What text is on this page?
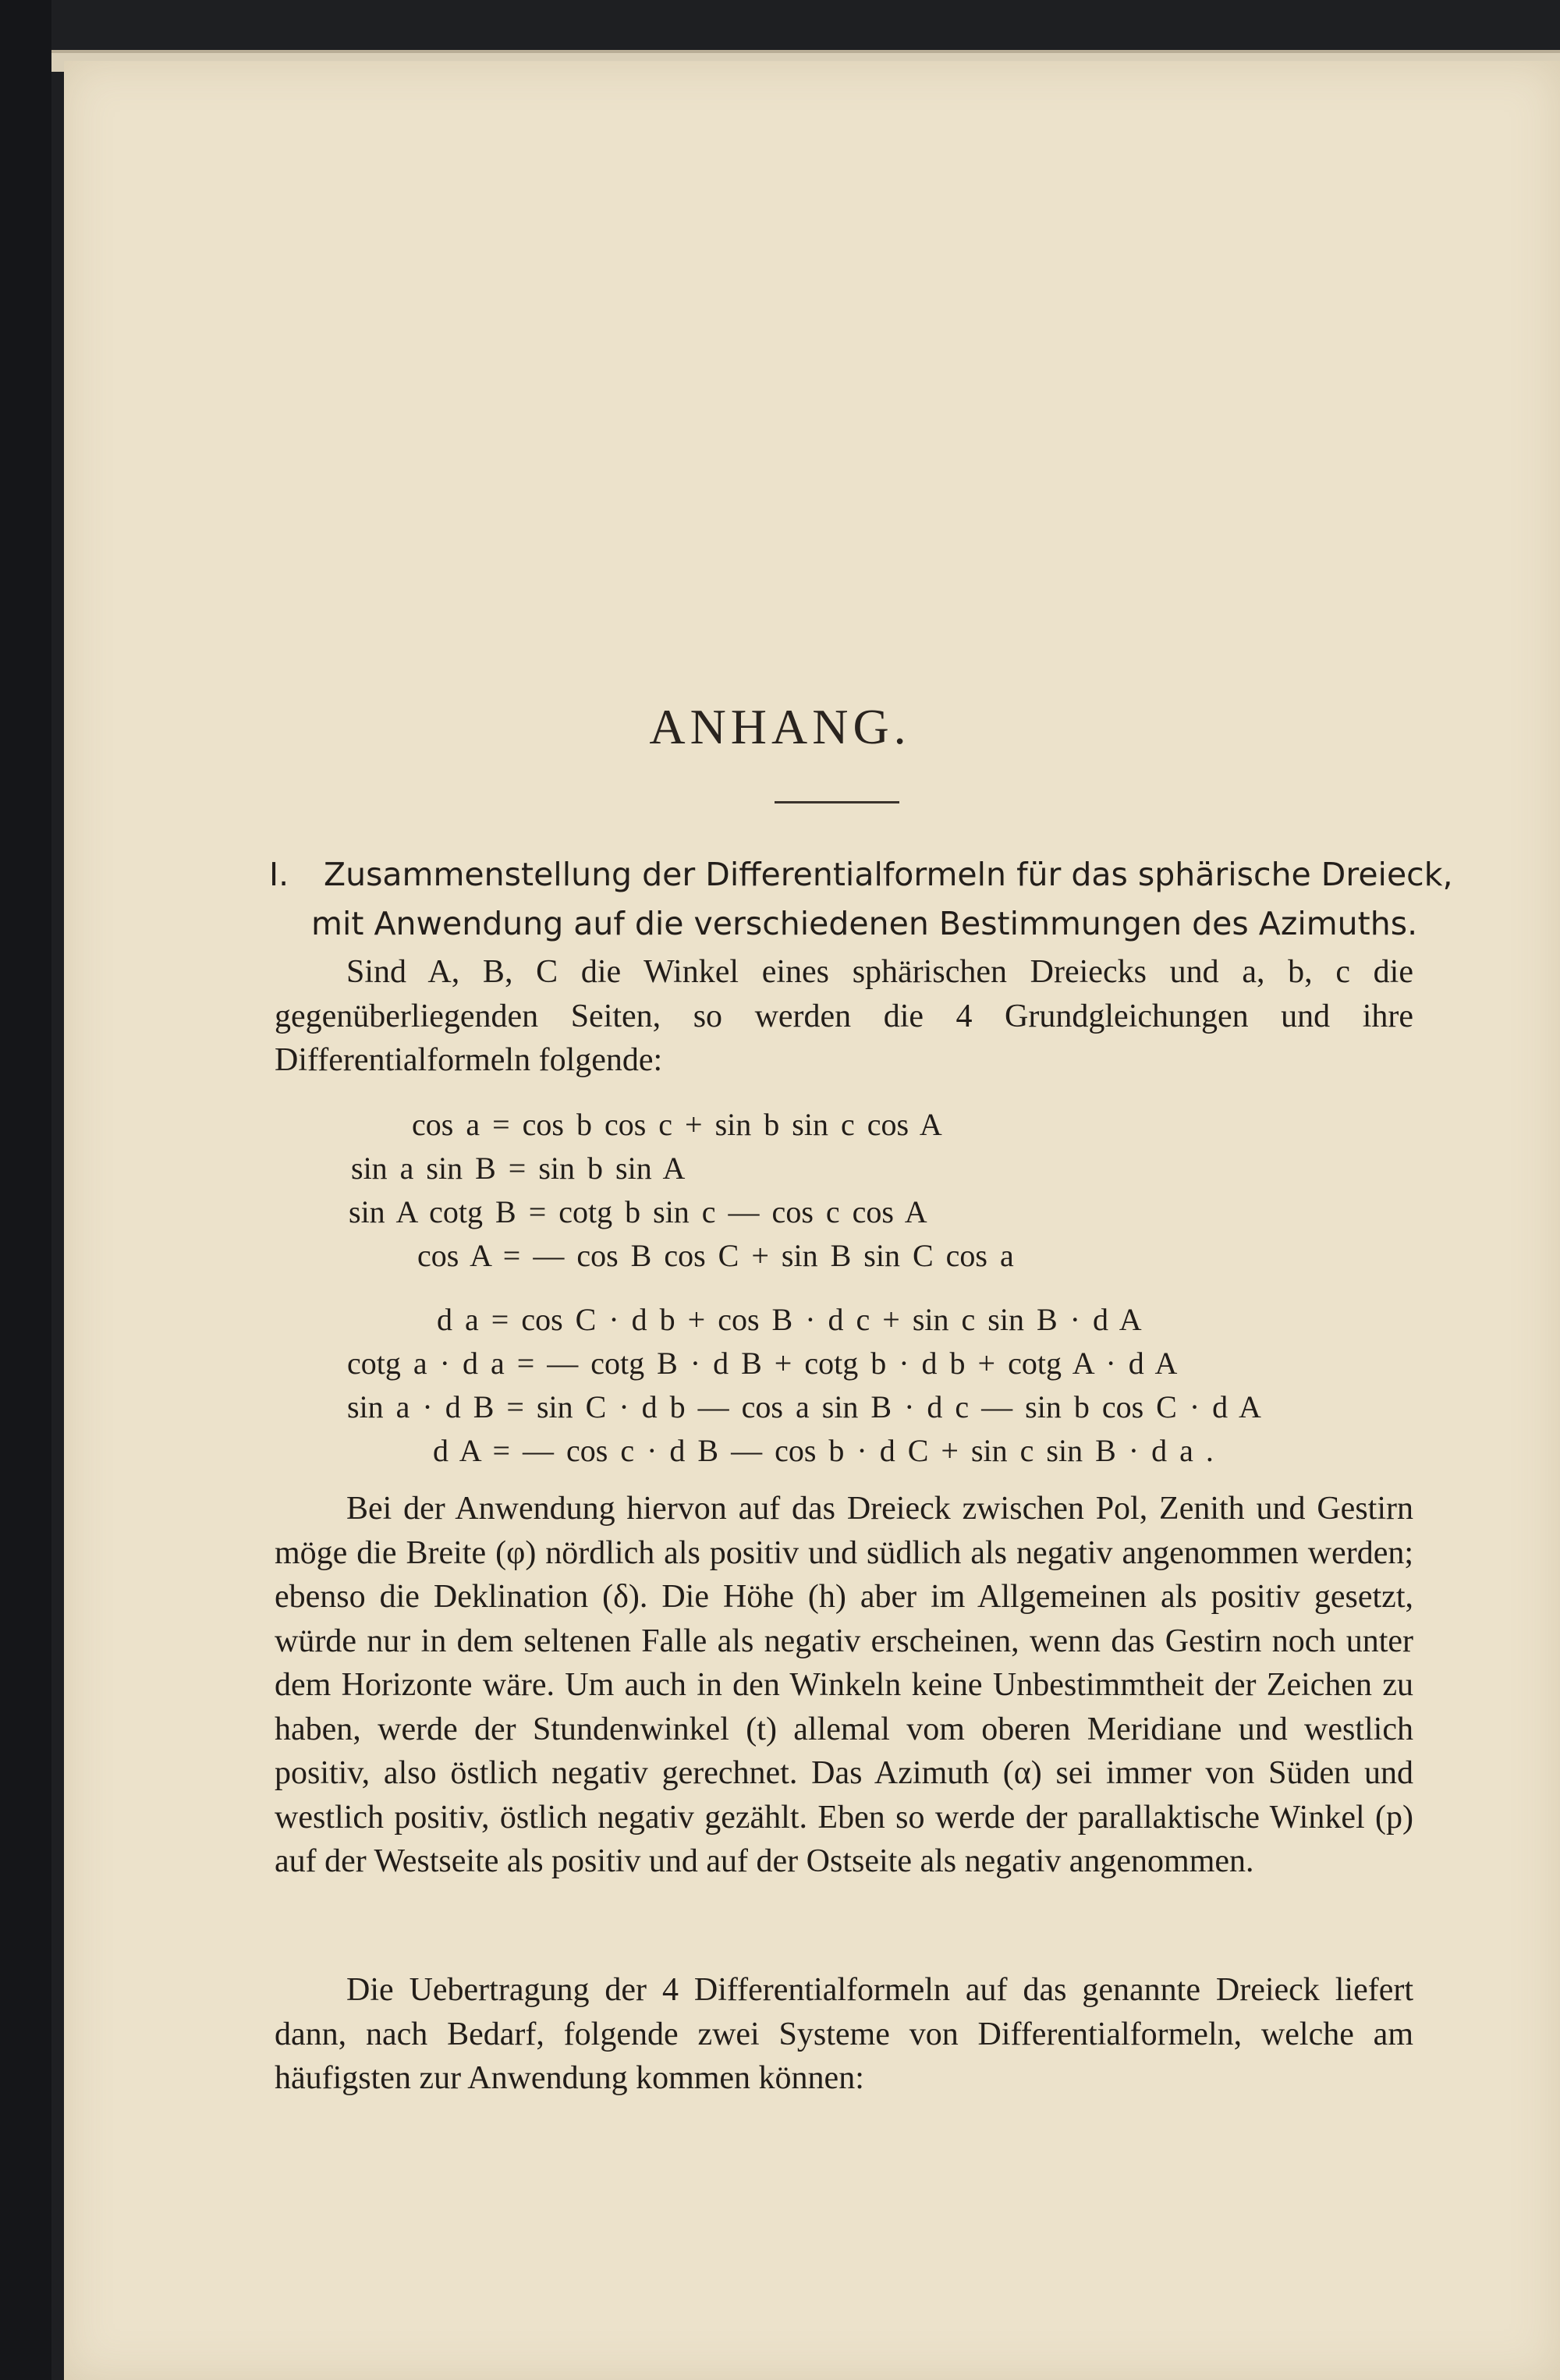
ANHANG.
I. Zusammenstellung der Differentialformeln für das sphärische Dreieck,
mit Anwendung auf die verschiedenen Bestimmungen des Azimuths.

Sind A, B, C die Winkel eines sphärischen Dreiecks und a, b, c die gegenüberliegenden Seiten, so werden die 4 Grundgleichungen und ihre Differentialformeln folgende:

cos a = cos b cos c + sin b sin c cos A
sin a sin B = sin b sin A
sin A cotg B = cotg b sin c — cos c cos A
cos A = — cos B cos C + sin B sin C cos a
d a = cos C · d b + cos B · d c + sin c sin B · d A
cotg a · d a = — cotg B · d B + cotg b · d b + cotg A · d A
sin a · d B = sin C · d b — cos a sin B · d c — sin b cos C · d A
d A = — cos c · d B — cos b · d C + sin c sin B · d a .

Bei der Anwendung hiervon auf das Dreieck zwischen Pol, Zenith und Gestirn möge die Breite (φ) nördlich als positiv und südlich als negativ angenommen werden; ebenso die Deklination (δ). Die Höhe (h) aber im Allgemeinen als positiv gesetzt, würde nur in dem seltenen Falle als negativ erscheinen, wenn das Gestirn noch unter dem Horizonte wäre. Um auch in den Winkeln keine Unbestimmtheit der Zeichen zu haben, werde der Stundenwinkel (t) allemal vom oberen Meridiane und westlich positiv, also östlich negativ gerechnet. Das Azimuth (α) sei immer von Süden und westlich positiv, östlich negativ gezählt. Eben so werde der parallaktische Winkel (p) auf der Westseite als positiv und auf der Ostseite als negativ angenommen.

Die Uebertragung der 4 Differentialformeln auf das genannte Dreieck liefert dann, nach Bedarf, folgende zwei Systeme von Differentialformeln, welche am häufigsten zur Anwendung kommen können:
